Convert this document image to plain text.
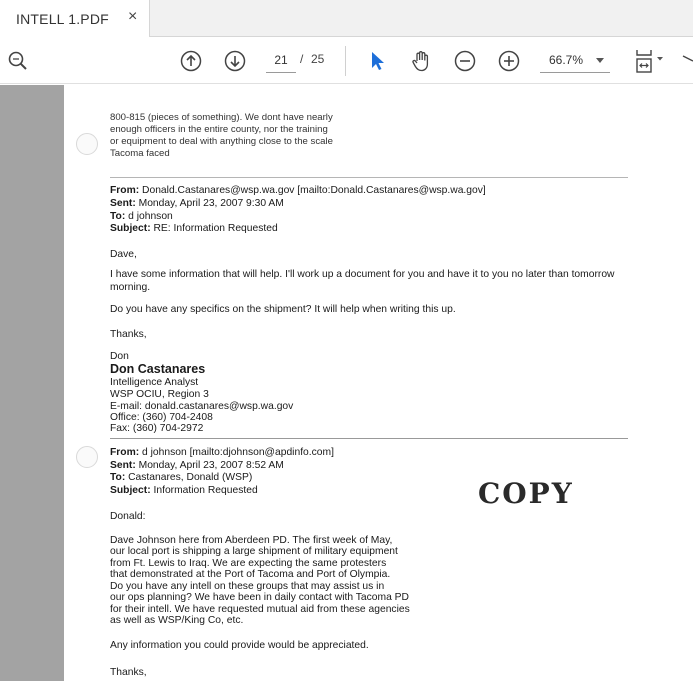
INTELL 1.PDF ×
21	/ 25	66.7%
800-815 (pieces of something). We dont have nearly
enough officers in the entire county, nor the training
or equipment to deal with anything close to the scale
Tacoma faced
From: Donald.Castanares@wsp.wa.gov [mailto:Donald.Castanares@wsp.wa.gov]
Sent: Monday, April 23, 2007 9:30 AM
To: d johnson
Subject: RE: Information Requested
Dave,
I have some information that will help. I'll work up a document for you and have it to you no later than tomorrow
morning.
Do you have any specifics on the shipment? It will help when writing this up.
Thanks,
Don
Don Castanares
Intelligence Analyst
WSP OCIU, Region 3
E-mail: donald.castanares@wsp.wa.gov
Office: (360) 704-2408
Fax: (360) 704-2972
From: d johnson [mailto:djohnson@apdinfo.com]
Sent: Monday, April 23, 2007 8:52 AM
To: Castanares, Donald (WSP)
Subject: Information Requested	COPY
Donald:
Dave Johnson here from Aberdeen PD. The first week of May,
our local port is shipping a large shipment of military equipment
from Ft. Lewis to Iraq. We are expecting the same protesters
that demonstrated at the Port of Tacoma and Port of Olympia.
Do you have any intell on these groups that may assist us in
our ops planning? We have been in daily contact with Tacoma PD
for their intell. We have requested mutual aid from these agencies
as well as WSP/King Co, etc.
Any information you could provide would be appreciated.
Thanks,
